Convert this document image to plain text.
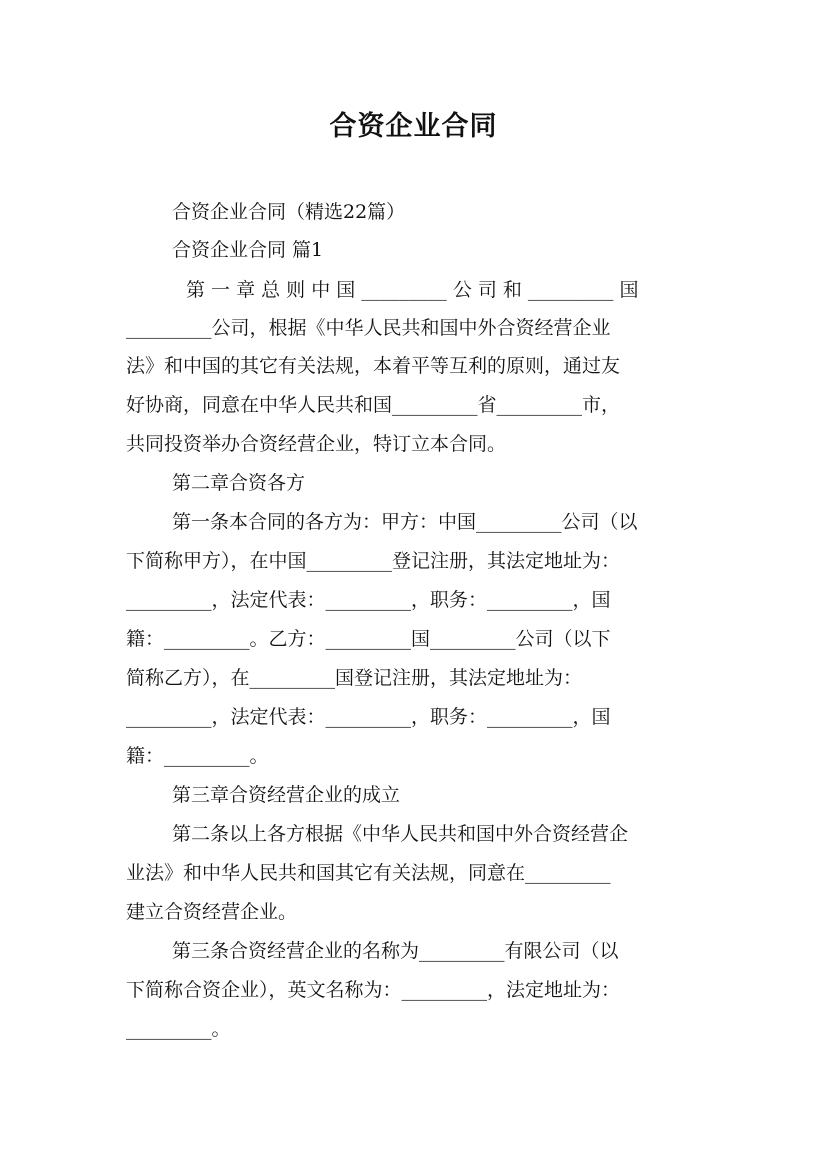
合资企业合同
合资企业合同（精选22篇）
合资企业合同 篇1
第 一 章 总 则 中 国 _________ 公 司 和 _________ 国
_________公司，根据《中华人民共和国中外合资经营企业
法》和中国的其它有关法规，本着平等互利的原则，通过友
好协商，同意在中华人民共和国_________省_________市，
共同投资举办合资经营企业，特订立本合同。
第二章合资各方
第一条本合同的各方为：甲方：中国_________公司（以
下简称甲方），在中国_________登记注册，其法定地址为：
_________，法定代表：_________，职务：_________，国
籍：_________。乙方：_________国_________公司（以下
简称乙方），在_________国登记注册，其法定地址为：
_________，法定代表：_________，职务：_________，国
籍：_________。
第三章合资经营企业的成立
第二条以上各方根据《中华人民共和国中外合资经营企
业法》和中华人民共和国其它有关法规，同意在_________
建立合资经营企业。
第三条合资经营企业的名称为_________有限公司（以
下简称合资企业），英文名称为：_________，法定地址为：
_________。
